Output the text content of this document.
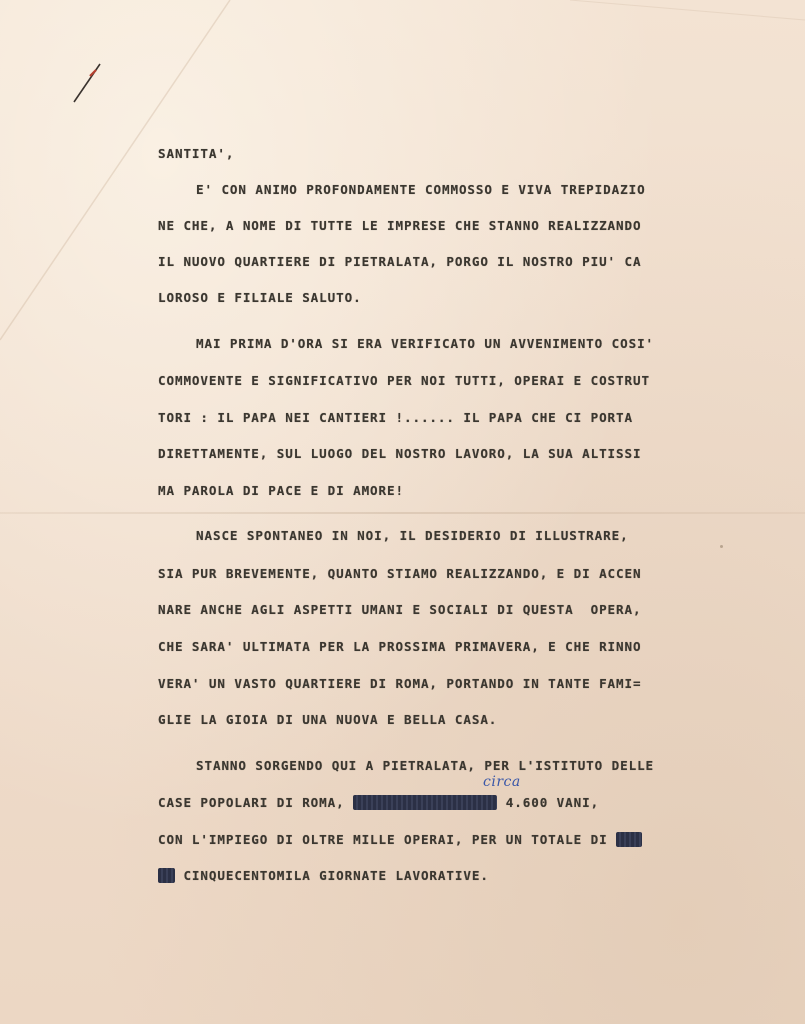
SANTITA',
E' CON ANIMO PROFONDAMENTE COMMOSSO E VIVA TREPIDAZIO
NE CHE, A NOME DI TUTTE LE IMPRESE CHE STANNO REALIZZANDO
IL NUOVO QUARTIERE DI PIETRALATA, PORGO IL NOSTRO PIU' CA
LOROSO E FILIALE SALUTO.
MAI PRIMA D'ORA SI ERA VERIFICATO UN AVVENIMENTO COSI'
COMMOVENTE E SIGNIFICATIVO PER NOI TUTTI, OPERAI E COSTRUT
TORI : IL PAPA NEI CANTIERI !...... IL PAPA CHE CI PORTA
DIRETTAMENTE, SUL LUOGO DEL NOSTRO LAVORO, LA SUA ALTISSI
MA PAROLA DI PACE E DI AMORE!
NASCE SPONTANEO IN NOI, IL DESIDERIO DI ILLUSTRARE,
SIA PUR BREVEMENTE, QUANTO STIAMO REALIZZANDO, E DI ACCEN
NARE ANCHE AGLI ASPETTI UMANI E SOCIALI DI QUESTA  OPERA,
CHE SARA' ULTIMATA PER LA PROSSIMA PRIMAVERA, E CHE RINNO
VERA' UN VASTO QUARTIERE DI ROMA, PORTANDO IN TANTE FAMI=
GLIE LA GIOIA DI UNA NUOVA E BELLA CASA.
STANNO SORGENDO QUI A PIETRALATA, PER L'ISTITUTO DELLE
circa
CASE POPOLARI DI ROMA,	4.600 VANI,
CON L'IMPIEGO DI OLTRE MILLE OPERAI, PER UN TOTALE DI
CINQUECENTOMILA GIORNATE LAVORATIVE.
